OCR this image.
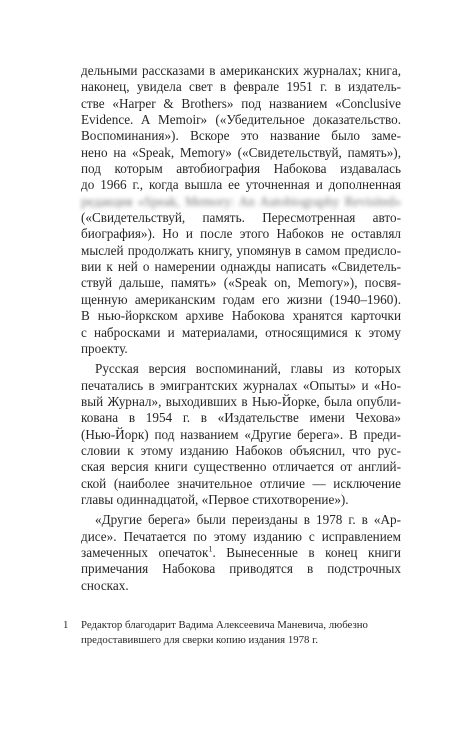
дельными рассказами в американских журналах; книга,
наконец, увидела свет в феврале 1951 г. в издатель-
стве «Harper & Brothers» под названием «Conclusive
Evidence. A Memoir» («Убедительное доказательство.
Воспоминания»). Вскоре это название было заме-
нено на «Speak, Memory» («Свидетельствуй, память»),
под которым автобиография Набокова издавалась
до 1966 г., когда вышла ее уточненная и дополненная
редакция «Speak, Memory: An Autobiography Revisited»
(«Свидетельствуй, память. Пересмотренная авто-
биография»). Но и после этого Набоков не оставлял
мыслей продолжать книгу, упомянув в самом предисло-
вии к ней о намерении однажды написать «Свидетель-
ствуй дальше, память» («Speak on, Memory»), посвя-
щенную американским годам его жизни (1940–1960).
В нью-йоркском архиве Набокова хранятся карточки
с набросками и материалами, относящимися к этому
проекту.

Русская версия воспоминаний, главы из которых
печатались в эмигрантских журналах «Опыты» и «Но-
вый Журнал», выходивших в Нью-Йорке, была опубли-
кована в 1954 г. в «Издательстве имени Чехова»
(Нью-Йорк) под названием «Другие берега». В преди-
словии к этому изданию Набоков объяснил, что рус-
ская версия книги существенно отличается от англий-
ской (наиболее значительное отличие — исключение
главы одиннадцатой, «Первое стихотворение»).

«Другие берега» были переизданы в 1978 г. в «Ар-
дисе». Печатается по этому изданию с исправлением
замеченных опечаток$^1$. Вынесенные в конец книги
примечания Набокова приводятся в подстрочных
сносках.

1	Редактор благодарит Вадима Алексеевича Маневича, любезно
предоставившего для сверки копию издания 1978 г.
